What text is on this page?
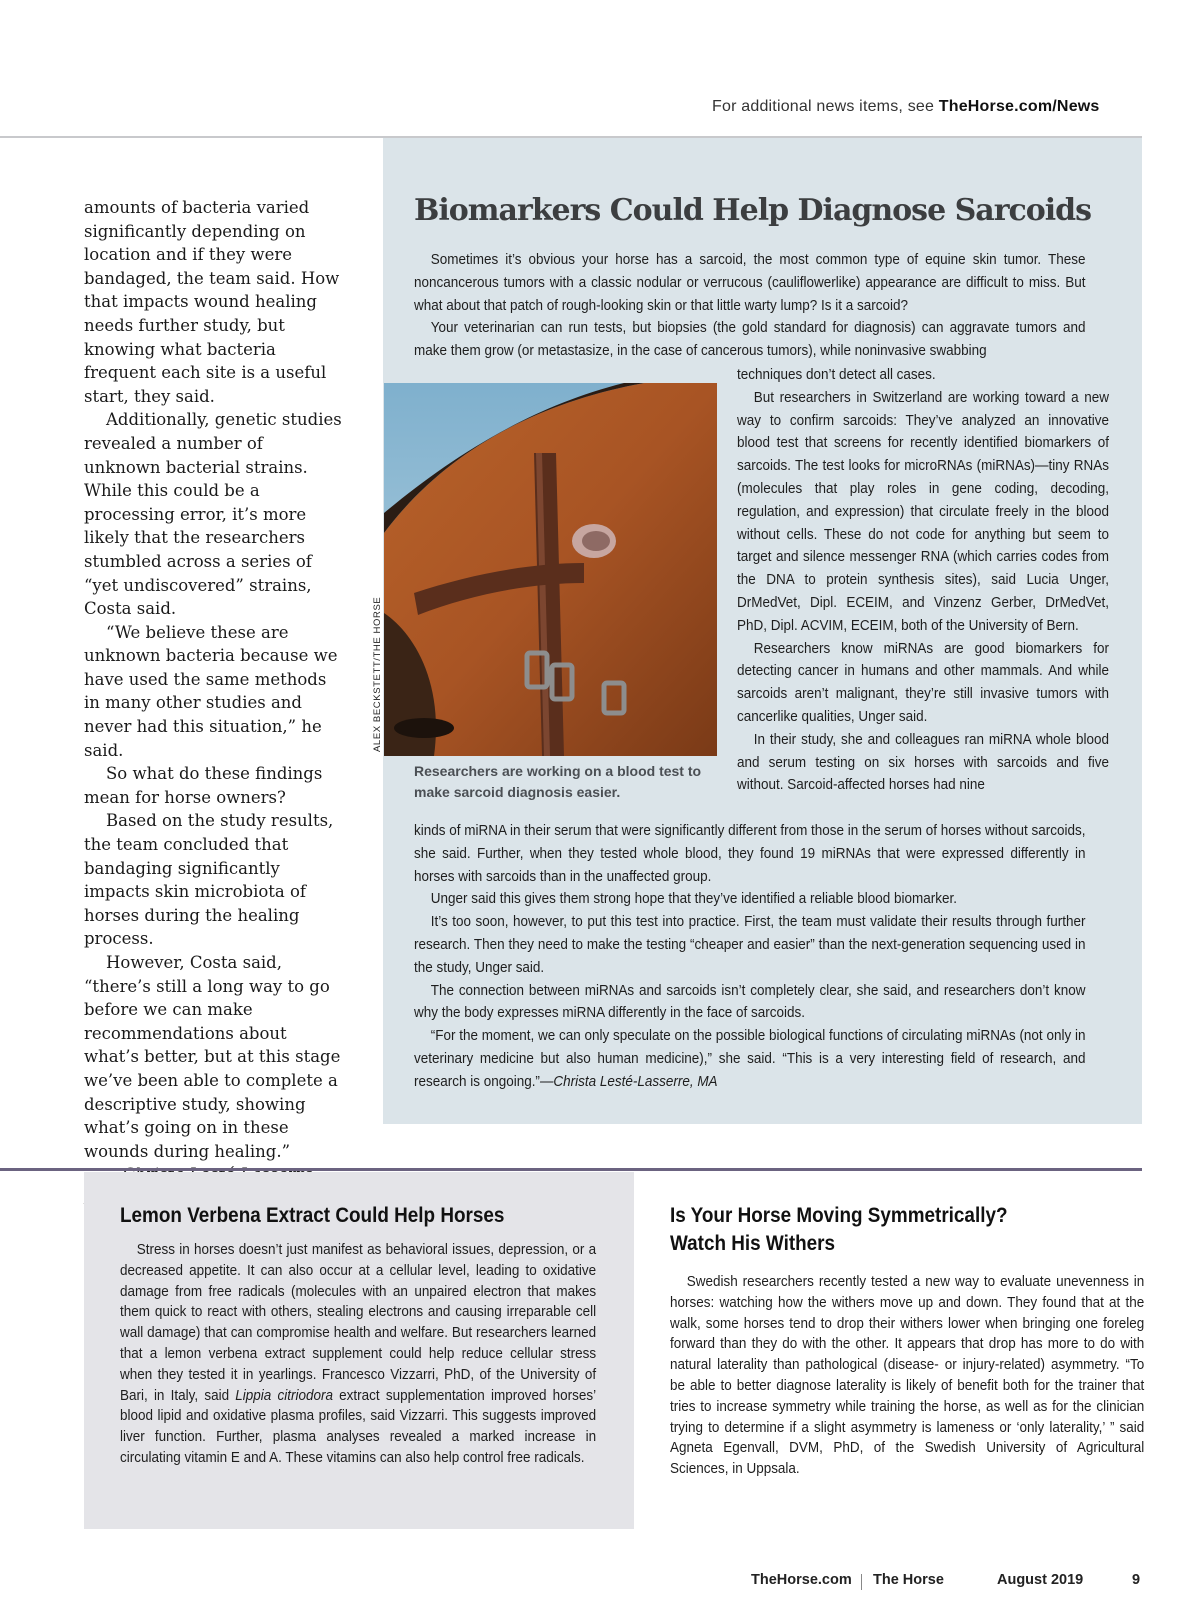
For additional news items, see TheHorse.com/News

amounts of bacteria varied significantly depending on location and if they were bandaged, the team said. How that impacts wound healing needs further study, but knowing what bacteria frequent each site is a useful start, they said.

Additionally, genetic studies revealed a number of unknown bacterial strains. While this could be a processing error, it’s more likely that the researchers stumbled across a series of “yet undiscovered” strains, Costa said.

“We believe these are unknown bacteria because we have used the same methods in many other studies and never had this situation,” he said.

So what do these findings mean for horse owners?

Based on the study results, the team concluded that bandaging significantly impacts skin microbiota of horses during the healing process.

However, Costa said, “there’s still a long way to go before we can make recommendations about what’s better, but at this stage we’ve been able to complete a descriptive study, showing what’s going on in these wounds during healing.”

Biomarkers Could Help Diagnose Sarcoids

Sometimes it’s obvious your horse has a sarcoid, the most common type of equine skin tumor. These noncancerous tumors with a classic nodular or verrucous (cauliflowerlike) appearance are difficult to miss. But what about that patch of rough-looking skin or that little warty lump? Is it a sarcoid?

Your veterinarian can run tests, but biopsies (the gold standard for diagnosis) can aggravate tumors and make them grow (or metastasize, in the case of cancerous tumors), while noninvasive swabbing

ALEX BECKSTETT/THE HORSE
Researchers are working on a blood test to make sarcoid diagnosis easier.

techniques don’t detect all cases.

But researchers in Switzerland are working toward a new way to confirm sarcoids: They’ve analyzed an innovative blood test that screens for recently identified biomarkers of sarcoids. The test looks for microRNAs (miRNAs)—tiny RNAs (molecules that play roles in gene coding, decoding, regulation, and expression) that circulate freely in the blood without cells. These do not code for anything but seem to target and silence messenger RNA (which carries codes from the DNA to protein synthesis sites), said Lucia Unger, DrMedVet, Dipl. ECEIM, and Vinzenz Gerber, DrMedVet, PhD, Dipl. ACVIM, ECEIM, both of the University of Bern.

Researchers know miRNAs are good biomarkers for detecting cancer in humans and other mammals. And while sarcoids aren’t malignant, they’re still invasive tumors with cancerlike qualities, Unger said.

In their study, she and colleagues ran miRNA whole blood and serum testing on six horses with sarcoids and five without. Sarcoid-affected horses had nine

kinds of miRNA in their serum that were significantly different from those in the serum of horses without sarcoids, she said. Further, when they tested whole blood, they found 19 miRNAs that were expressed differently in horses with sarcoids than in the unaffected group.

Unger said this gives them strong hope that they’ve identified a reliable blood biomarker.

It’s too soon, however, to put this test into practice. First, the team must validate their results through further research. Then they need to make the testing “cheaper and easier” than the next-generation sequencing used in the study, Unger said.

The connection between miRNAs and sarcoids isn’t completely clear, she said, and researchers don’t know why the body expresses miRNA differently in the face of sarcoids.

“For the moment, we can only speculate on the possible biological functions of circulating miRNAs (not only in veterinary medicine but also human medicine),” she said. “This is a very interesting field of research, and research is ongoing.”—Christa Lesté-Lasserre, MA

Lemon Verbena Extract Could Help Horses

Stress in horses doesn’t just manifest as behavioral issues, depression, or a decreased appetite. It can also occur at a cellular level, leading to oxidative damage from free radicals (molecules with an unpaired electron that makes them quick to react with others, stealing electrons and causing irreparable cell wall damage) that can compromise health and welfare. But researchers learned that a lemon verbena extract supplement could help reduce cellular stress when they tested it in yearlings. Francesco Vizzarri, PhD, of the University of Bari, in Italy, said Lippia citriodora extract supplementation improved horses’ blood lipid and oxidative plasma profiles, said Vizzarri. This suggests improved liver function. Further, plasma analyses revealed a marked increase in circulating vitamin E and A. These vitamins can also help control free radicals.

Is Your Horse Moving Symmetrically?
Watch His Withers

Swedish researchers recently tested a new way to evaluate unevenness in horses: watching how the withers move up and down. They found that at the walk, some horses tend to drop their withers lower when bringing one foreleg forward than they do with the other. It appears that drop has more to do with natural laterality than pathological (disease- or injury-related) asymmetry. “To be able to better diagnose laterality is likely of benefit both for the trainer that tries to increase symmetry while training the horse, as well as for the clinician trying to determine if a slight asymmetry is lameness or ‘only laterality,’ ” said Agneta Egenvall, DVM, PhD, of the Swedish University of Agricultural Sciences, in Uppsala.

TheHorse.com The Horse	August 2019	9
